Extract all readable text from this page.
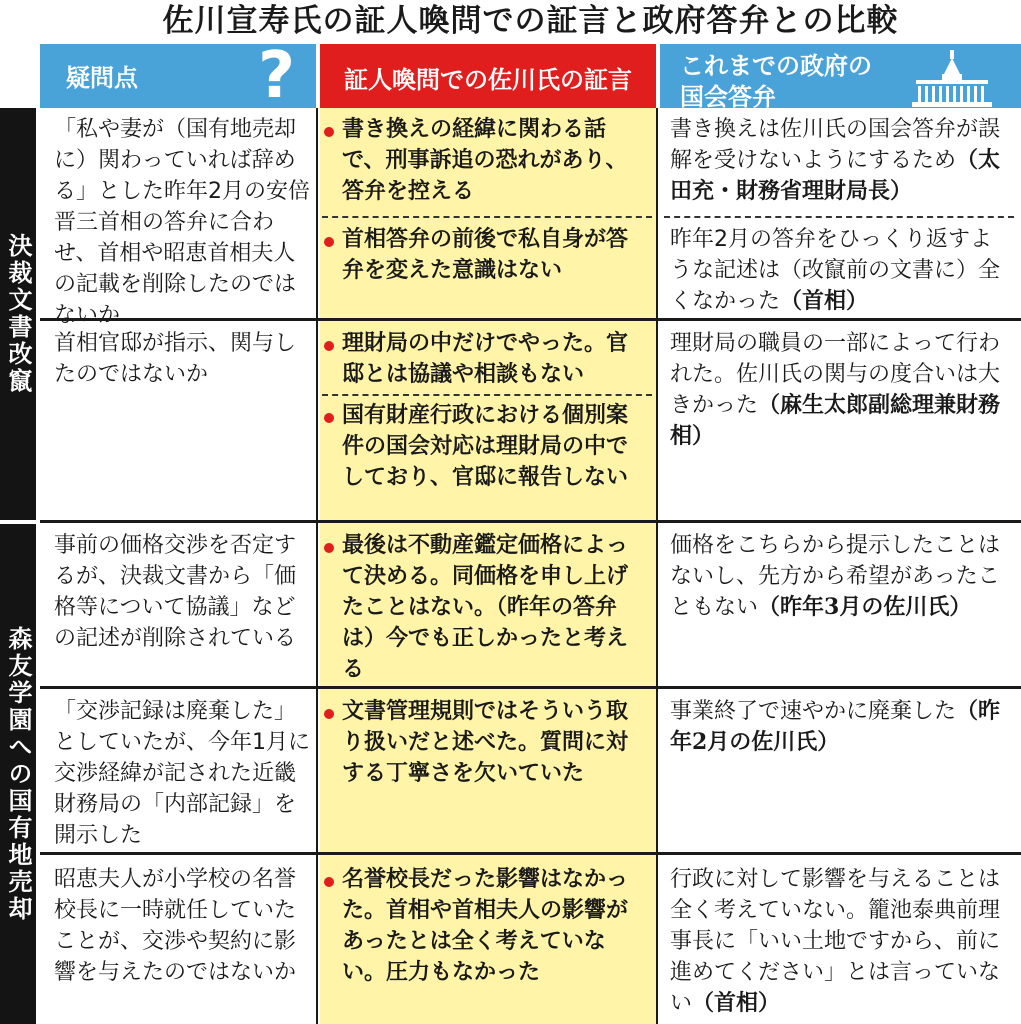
佐川宣寿氏の証人喚問での証言と政府答弁との比較
疑問点 ?	証人喚問での佐川氏の証言	これまでの政府の
国会答弁
決裁文書改竄
森友学園への国有地売却
「私や妻が（国有地売却に）関わっていれば辞める」とした昨年2月の安倍晋三首相の答弁に合わせ、首相や昭恵首相夫人の記載を削除したのではないか
書き換えの経緯に関わる話で、刑事訴追の恐れがあり、答弁を控える
首相答弁の前後で私自身が答弁を変えた意識はない
書き換えは佐川氏の国会答弁が誤解を受けないようにするため（太田充・財務省理財局長）
昨年2月の答弁をひっくり返すような記述は（改竄前の文書に）全くなかった（首相）
首相官邸が指示、関与したのではないか
理財局の中だけでやった。官邸とは協議や相談もない
国有財産行政における個別案件の国会対応は理財局の中でしており、官邸に報告しない
理財局の職員の一部によって行われた。佐川氏の関与の度合いは大きかった（麻生太郎副総理兼財務相）
事前の価格交渉を否定するが、決裁文書から「価格等について協議」などの記述が削除されている
最後は不動産鑑定価格によって決める。同価格を申し上げたことはない。（昨年の答弁は）今でも正しかったと考える
価格をこちらから提示したことはないし、先方から希望があったこともない（昨年3月の佐川氏）
「交渉記録は廃棄した」としていたが、今年1月に交渉経緯が記された近畿財務局の「内部記録」を開示した
文書管理規則ではそういう取り扱いだと述べた。質問に対する丁寧さを欠いていた
事業終了で速やかに廃棄した（昨年2月の佐川氏）
昭恵夫人が小学校の名誉校長に一時就任していたことが、交渉や契約に影響を与えたのではないか
名誉校長だった影響はなかった。首相や首相夫人の影響があったとは全く考えていない。圧力もなかった
行政に対して影響を与えることは全く考えていない。籠池泰典前理事長に「いい土地ですから、前に進めてください」とは言っていない（首相）
